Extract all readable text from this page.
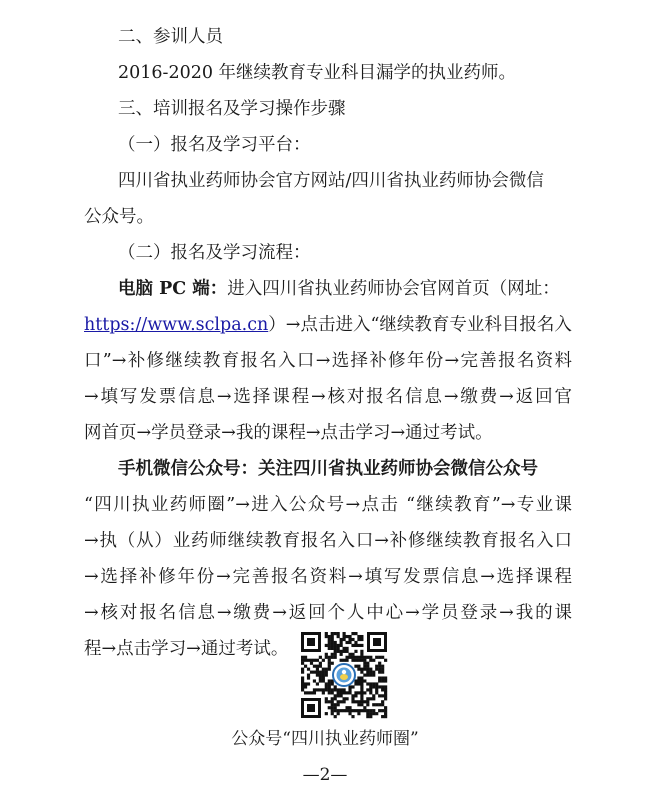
二、参训人员
2016-2020 年继续教育专业科目漏学的执业药师。
三、培训报名及学习操作步骤
（一）报名及学习平台：
四川省执业药师协会官方网站/四川省执业药师协会微信
公众号。
（二）报名及学习流程：
电脑 PC 端：进入四川省执业药师协会官网首页（网址：
https://www.sclpa.cn）→点击进入“继续教育专业科目报名入
口”→补修继续教育报名入口→选择补修年份→完善报名资料
→填写发票信息→选择课程→核对报名信息→缴费→返回官
网首页→学员登录→我的课程→点击学习→通过考试。
手机微信公众号：关注四川省执业药师协会微信公众号
“四川执业药师圈”→进入公众号→点击 “继续教育”→专业课
→执（从）业药师继续教育报名入口→补修继续教育报名入口
→选择补修年份→完善报名资料→填写发票信息→选择课程
→核对报名信息→缴费→返回个人中心→学员登录→我的课
公众号“四川执业药师圈”
—2—
程→点击学习→通过考试。
